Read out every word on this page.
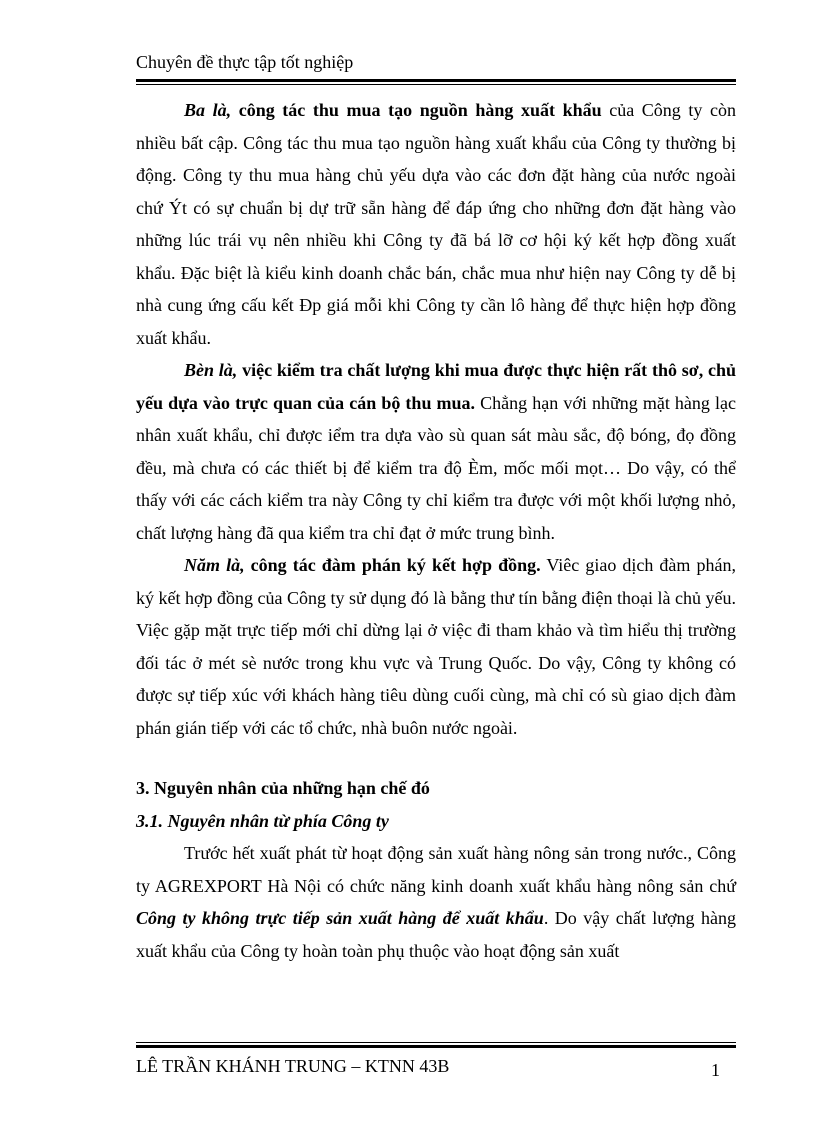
Chuyên đề thực tập tốt nghiệp

Ba là, công tác thu mua tạo nguồn hàng xuất khẩu của Công ty còn nhiều bất cập. Công tác thu mua tạo nguồn hàng xuất khẩu của Công ty thường bị động. Công ty thu mua hàng chủ yếu dựa vào các đơn đặt hàng của nước ngoài chứ Ýt có sự chuẩn bị dự trữ sẵn hàng để đáp ứng cho những đơn đặt hàng vào những lúc trái vụ nên nhiều khi Công ty đã bá lỡ cơ hội ký kết hợp đồng xuất khẩu. Đặc biệt là kiểu kinh doanh chắc bán, chắc mua như hiện nay Công ty dễ bị nhà cung ứng cấu kết Ðp giá mỗi khi Công ty cần lô hàng để thực hiện hợp đồng xuất khẩu.

Bèn là, việc kiểm tra chất lượng khi mua được thực hiện rất thô sơ, chủ yếu dựa vào trực quan của cán bộ thu mua. Chẳng hạn với những mặt hàng lạc nhân xuất khẩu, chỉ được iểm tra dựa vào sù quan sát màu sắc, độ bóng, đọ đồng đều, mà chưa có các thiết bị để kiểm tra độ Èm, mốc mối mọt… Do vậy, có thể thấy với các cách kiểm tra này Công ty chỉ kiểm tra được với một khối lượng nhỏ, chất lượng hàng đã qua kiểm tra chỉ đạt ở mức trung bình.

Năm là, công tác đàm phán ký kết hợp đồng. Viêc giao dịch đàm phán, ký kết hợp đồng của Công ty sử dụng đó là bằng thư tín bằng điện thoại là chủ yếu. Việc gặp mặt trực tiếp mới chỉ dừng lại ở việc đi tham khảo và tìm hiểu thị trường đối tác ở mét sè nước trong khu vực và Trung Quốc. Do vậy, Công ty không có được sự tiếp xúc với khách hàng tiêu dùng cuối cùng, mà chỉ có sù giao dịch đàm phán gián tiếp với các tổ chức, nhà buôn nước ngoài.

3. Nguyên nhân của những hạn chế đó
3.1. Nguyên nhân từ phía Công ty

Trước hết xuất phát từ hoạt động sản xuất hàng nông sản trong nước., Công ty AGREXPORT Hà Nội có chức năng kinh doanh xuất khẩu hàng nông sản chứ Công ty không trực tiếp sản xuất hàng để xuất khẩu. Do vậy chất lượng hàng xuất khẩu của Công ty hoàn toàn phụ thuộc vào hoạt động sản xuất

LÊ TRẦN KHÁNH TRUNG – KTNN 43B	1
